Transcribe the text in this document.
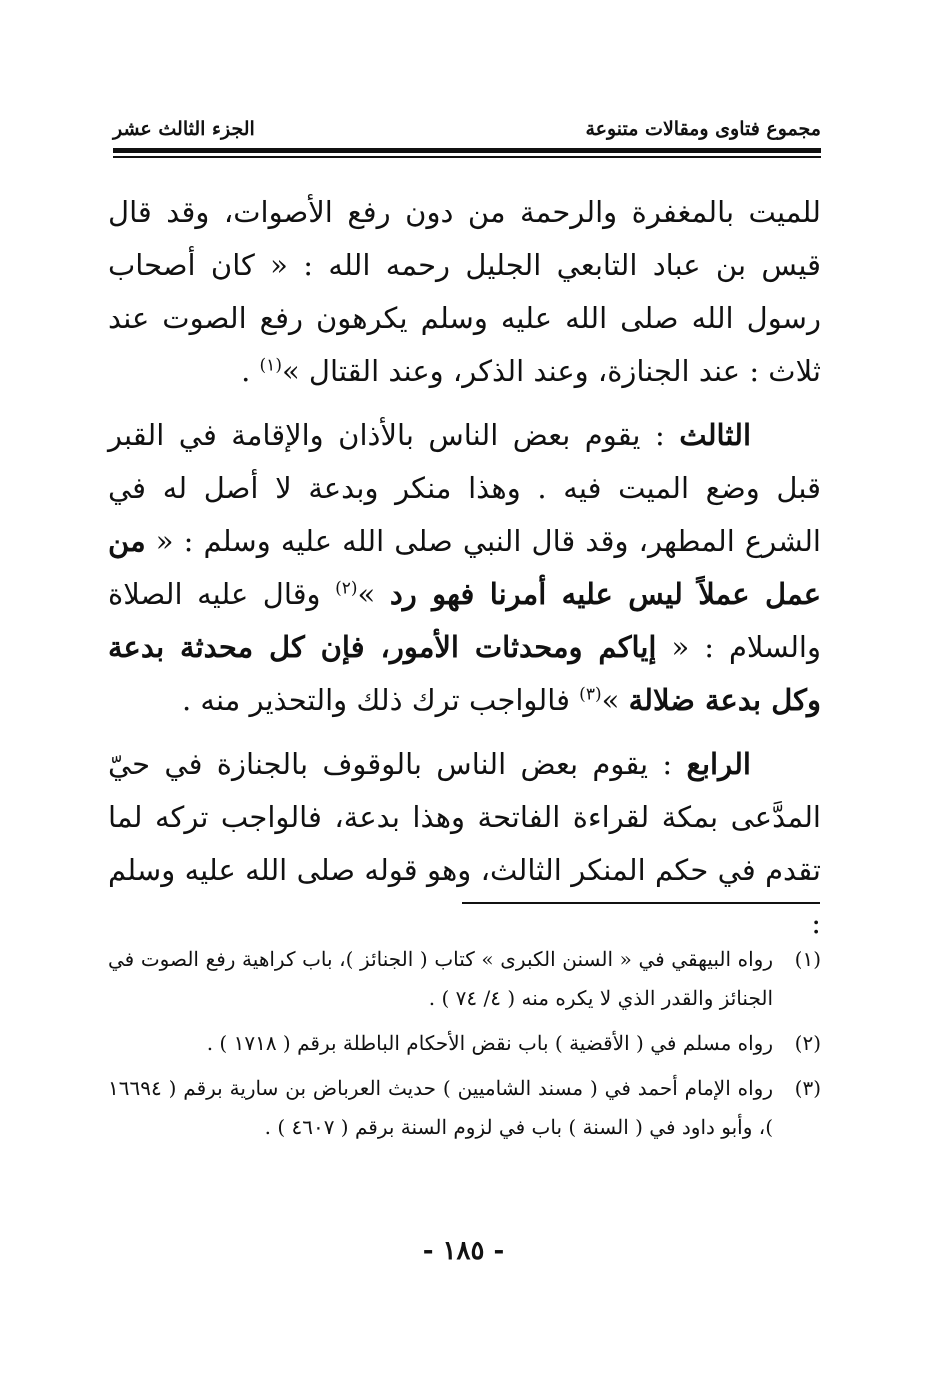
مجموع فتاوى ومقالات متنوعة
الجزء الثالث عشر

للميت بالمغفرة والرحمة من دون رفع الأصوات، وقد قال قيس بن عباد التابعي الجليل رحمه الله : « كان أصحاب رسول الله صلى الله عليه وسلم يكرهون رفع الصوت عند ثلاث : عند الجنازة، وعند الذكر، وعند القتال »$^{(١)}$ .

الثالث : يقوم بعض الناس بالأذان والإقامة في القبر قبل وضع الميت فيه . وهذا منكر وبدعة لا أصل له في الشرع المطهر، وقد قال النبي صلى الله عليه وسلم : « من عمل عملاً ليس عليه أمرنا فهو رد »$^{(٢)}$ وقال عليه الصلاة والسلام : « إياكم ومحدثات الأمور، فإن كل محدثة بدعة وكل بدعة ضلالة »$^{(٣)}$ فالواجب ترك ذلك والتحذير منه .

الرابع : يقوم بعض الناس بالوقوف بالجنازة في حيّ المدَّعى بمكة لقراءة الفاتحة وهذا بدعة، فالواجب تركه لما تقدم في حكم المنكر الثالث، وهو قوله صلى الله عليه وسلم :

(١)
رواه البيهقي في « السنن الكبرى » كتاب ( الجنائز )، باب كراهية رفع الصوت في الجنائز والقدر الذي لا يكره منه ( ٤/ ٧٤ ) .
(٢)
رواه مسلم في ( الأقضية ) باب نقض الأحكام الباطلة برقم ( ١٧١٨ ) .
(٣)
رواه الإمام أحمد في ( مسند الشاميين ) حديث العرباض بن سارية برقم ( ١٦٦٩٤ )، وأبو داود في ( السنة ) باب في لزوم السنة برقم ( ٤٦٠٧ ) .
- ١٨٥ -
